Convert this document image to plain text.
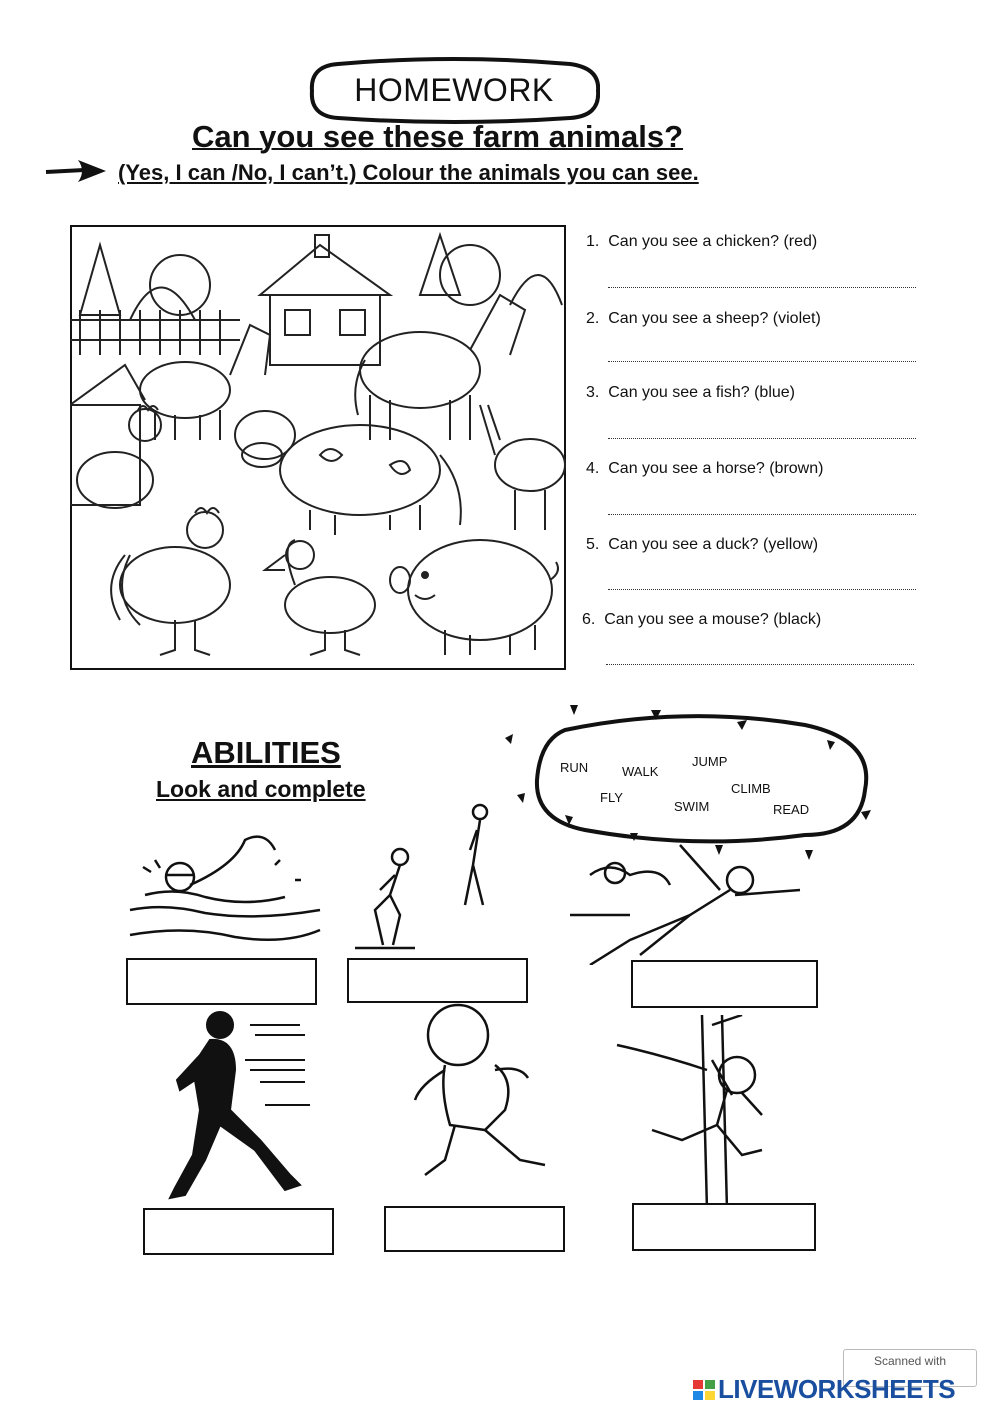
HOMEWORK
Can you see these farm animals?
(Yes, I can /No, I can’t.) Colour the animals you can see.
1. Can you see a chicken? (red)
2. Can you see a sheep? (violet)
3. Can you see a fish? (blue)
4. Can you see a horse? (brown)
5. Can you see a duck? (yellow)
6. Can you see a mouse? (black)
ABILITIES
Look and complete
RUN	WALK
JUMP
FLY
CLIMB
SWIM	READ
Scanned with
LIVEWORKSHEETS
